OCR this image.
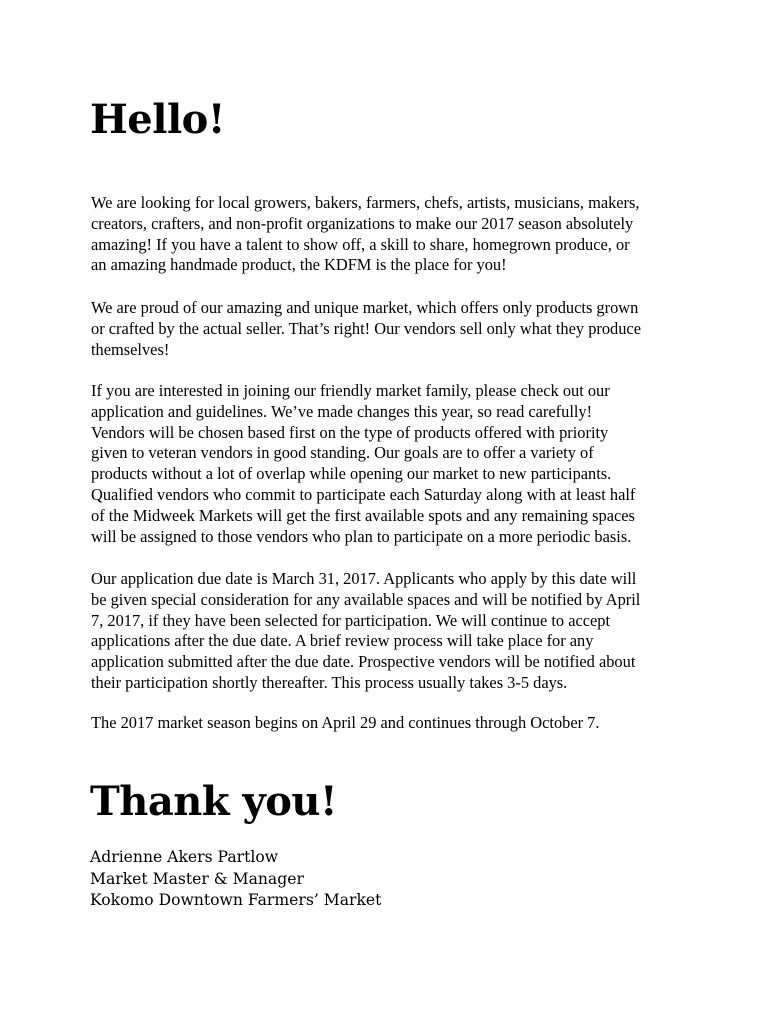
Hello!

We are looking for local growers, bakers, farmers, chefs, artists, musicians, makers,
creators, crafters, and non-profit organizations to make our 2017 season absolutely
amazing! If you have a talent to show off, a skill to share, homegrown produce, or
an amazing handmade product, the KDFM is the place for you!

We are proud of our amazing and unique market, which offers only products grown
or crafted by the actual seller. That’s right! Our vendors sell only what they produce
themselves!

If you are interested in joining our friendly market family, please check out our
application and guidelines. We’ve made changes this year, so read carefully!
Vendors will be chosen based first on the type of products offered with priority
given to veteran vendors in good standing. Our goals are to offer a variety of
products without a lot of overlap while opening our market to new participants.
Qualified vendors who commit to participate each Saturday along with at least half
of the Midweek Markets will get the first available spots and any remaining spaces
will be assigned to those vendors who plan to participate on a more periodic basis.

Our application due date is March 31, 2017. Applicants who apply by this date will
be given special consideration for any available spaces and will be notified by April
7, 2017, if they have been selected for participation. We will continue to accept
applications after the due date. A brief review process will take place for any
application submitted after the due date. Prospective vendors will be notified about
their participation shortly thereafter. This process usually takes 3-5 days.

The 2017 market season begins on April 29 and continues through October 7.

Thank you!
Adrienne Akers Partlow
Market Master & Manager
Kokomo Downtown Farmers’ Market
